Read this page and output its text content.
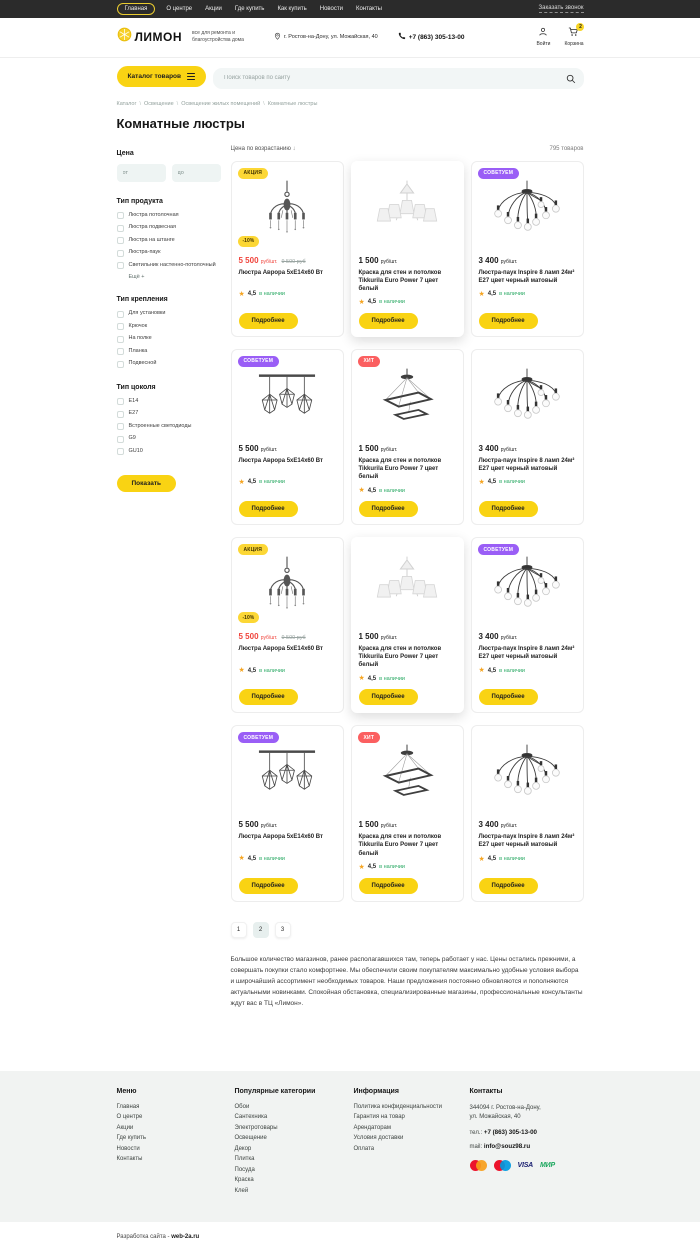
Главная	О центре	Акции	Где купить	Как купить	Новости	Контакты	Заказать звонок
ЛИМОН все для ремонта и
благоустройства дома	г. Ростов-на-Дону, ул. Можайская, 40	+7 (863) 305-13-00
Войти
2
Корзина
Каталог товаров
Поиск товаров по сайту
Каталог \ Освещение \ Освещение жилых помещений \ Комнатные люстры
Комнатные люстры
Цена
от
до
Тип продукта
Люстра потолочная
Люстра подвесная
Люстра на штанге
Люстра-паук
Светильник настенно-потолочный
Ещё +
Тип крепления
Для установки
Крючок
На полке
Планка
Подвесной
Тип цоколя
Е14
Е27
Встроенные светодиоды
G9
GU10
Показать
Цена по возрастанию ↓	795 товаров
АКЦИЯ
-10%
5 500 руб/шт. 9 500 руб
Люстра Аврора 5хЕ14х60 Вт
★ 4,5 в наличии
Подробнее
1 500 руб/шт.
Краска для стен и потолков Tikkurila Euro Power 7 цвет белый
★ 4,5 в наличии
Подробнее
СОВЕТУЕМ
3 400 руб/шт.
Люстра-паук Inspire 8 ламп 24м² E27 цвет черный матовый
★ 4,5 в наличии
Подробнее
СОВЕТУЕМ
5 500 руб/шт.
Люстра Аврора 5хЕ14х60 Вт
★ 4,5 в наличии
Подробнее
ХИТ
1 500 руб/шт.
Краска для стен и потолков Tikkurila Euro Power 7 цвет белый
★ 4,5 в наличии
Подробнее
3 400 руб/шт.
Люстра-паук Inspire 8 ламп 24м² E27 цвет черный матовый
★ 4,5 в наличии
Подробнее
АКЦИЯ
-10%
5 500 руб/шт. 9 500 руб
Люстра Аврора 5хЕ14х60 Вт
★ 4,5 в наличии
Подробнее
1 500 руб/шт.
Краска для стен и потолков Tikkurila Euro Power 7 цвет белый
★ 4,5 в наличии
Подробнее
СОВЕТУЕМ
3 400 руб/шт.
Люстра-паук Inspire 8 ламп 24м² E27 цвет черный матовый
★ 4,5 в наличии
Подробнее
СОВЕТУЕМ
5 500 руб/шт.
Люстра Аврора 5хЕ14х60 Вт
★ 4,5 в наличии
Подробнее
ХИТ
1 500 руб/шт.
Краска для стен и потолков Tikkurila Euro Power 7 цвет белый
★ 4,5 в наличии
Подробнее
3 400 руб/шт.
Люстра-паук Inspire 8 ламп 24м² E27 цвет черный матовый
★ 4,5 в наличии
Подробнее
1	2	3

Большое количество магазинов, ранее располагавшихся там, теперь работает у нас. Цены остались прежними, а совершать покупки стало комфортнее. Мы обеспечили своим покупателям максимально удобные условия выбора и широчайший ассортимент необходимых товаров. Наши предложения постоянно обновляются и пополняются актуальными новинками. Спокойная обстановка, специализированные магазины, профессиональные консультанты ждут вас в ТЦ «Лимон».

Меню
Главная
О центре
Акции
Где купить
Новости
Контакты
Популярные категории
Обои
Сантехника
Электротовары
Освещение
Декор
Плитка
Посуда
Краска
Клей
Информация
Политика конфиденциальности
Гарантия на товар
Арендаторам
Условия доставки
Оплата
Контакты
344094 г. Ростов-на-Дону,
ул. Можайская, 40
тел.: +7 (863) 305-13-00
mail: info@souz98.ru
VISA МИР
Разработка сайта - web-2a.ru
